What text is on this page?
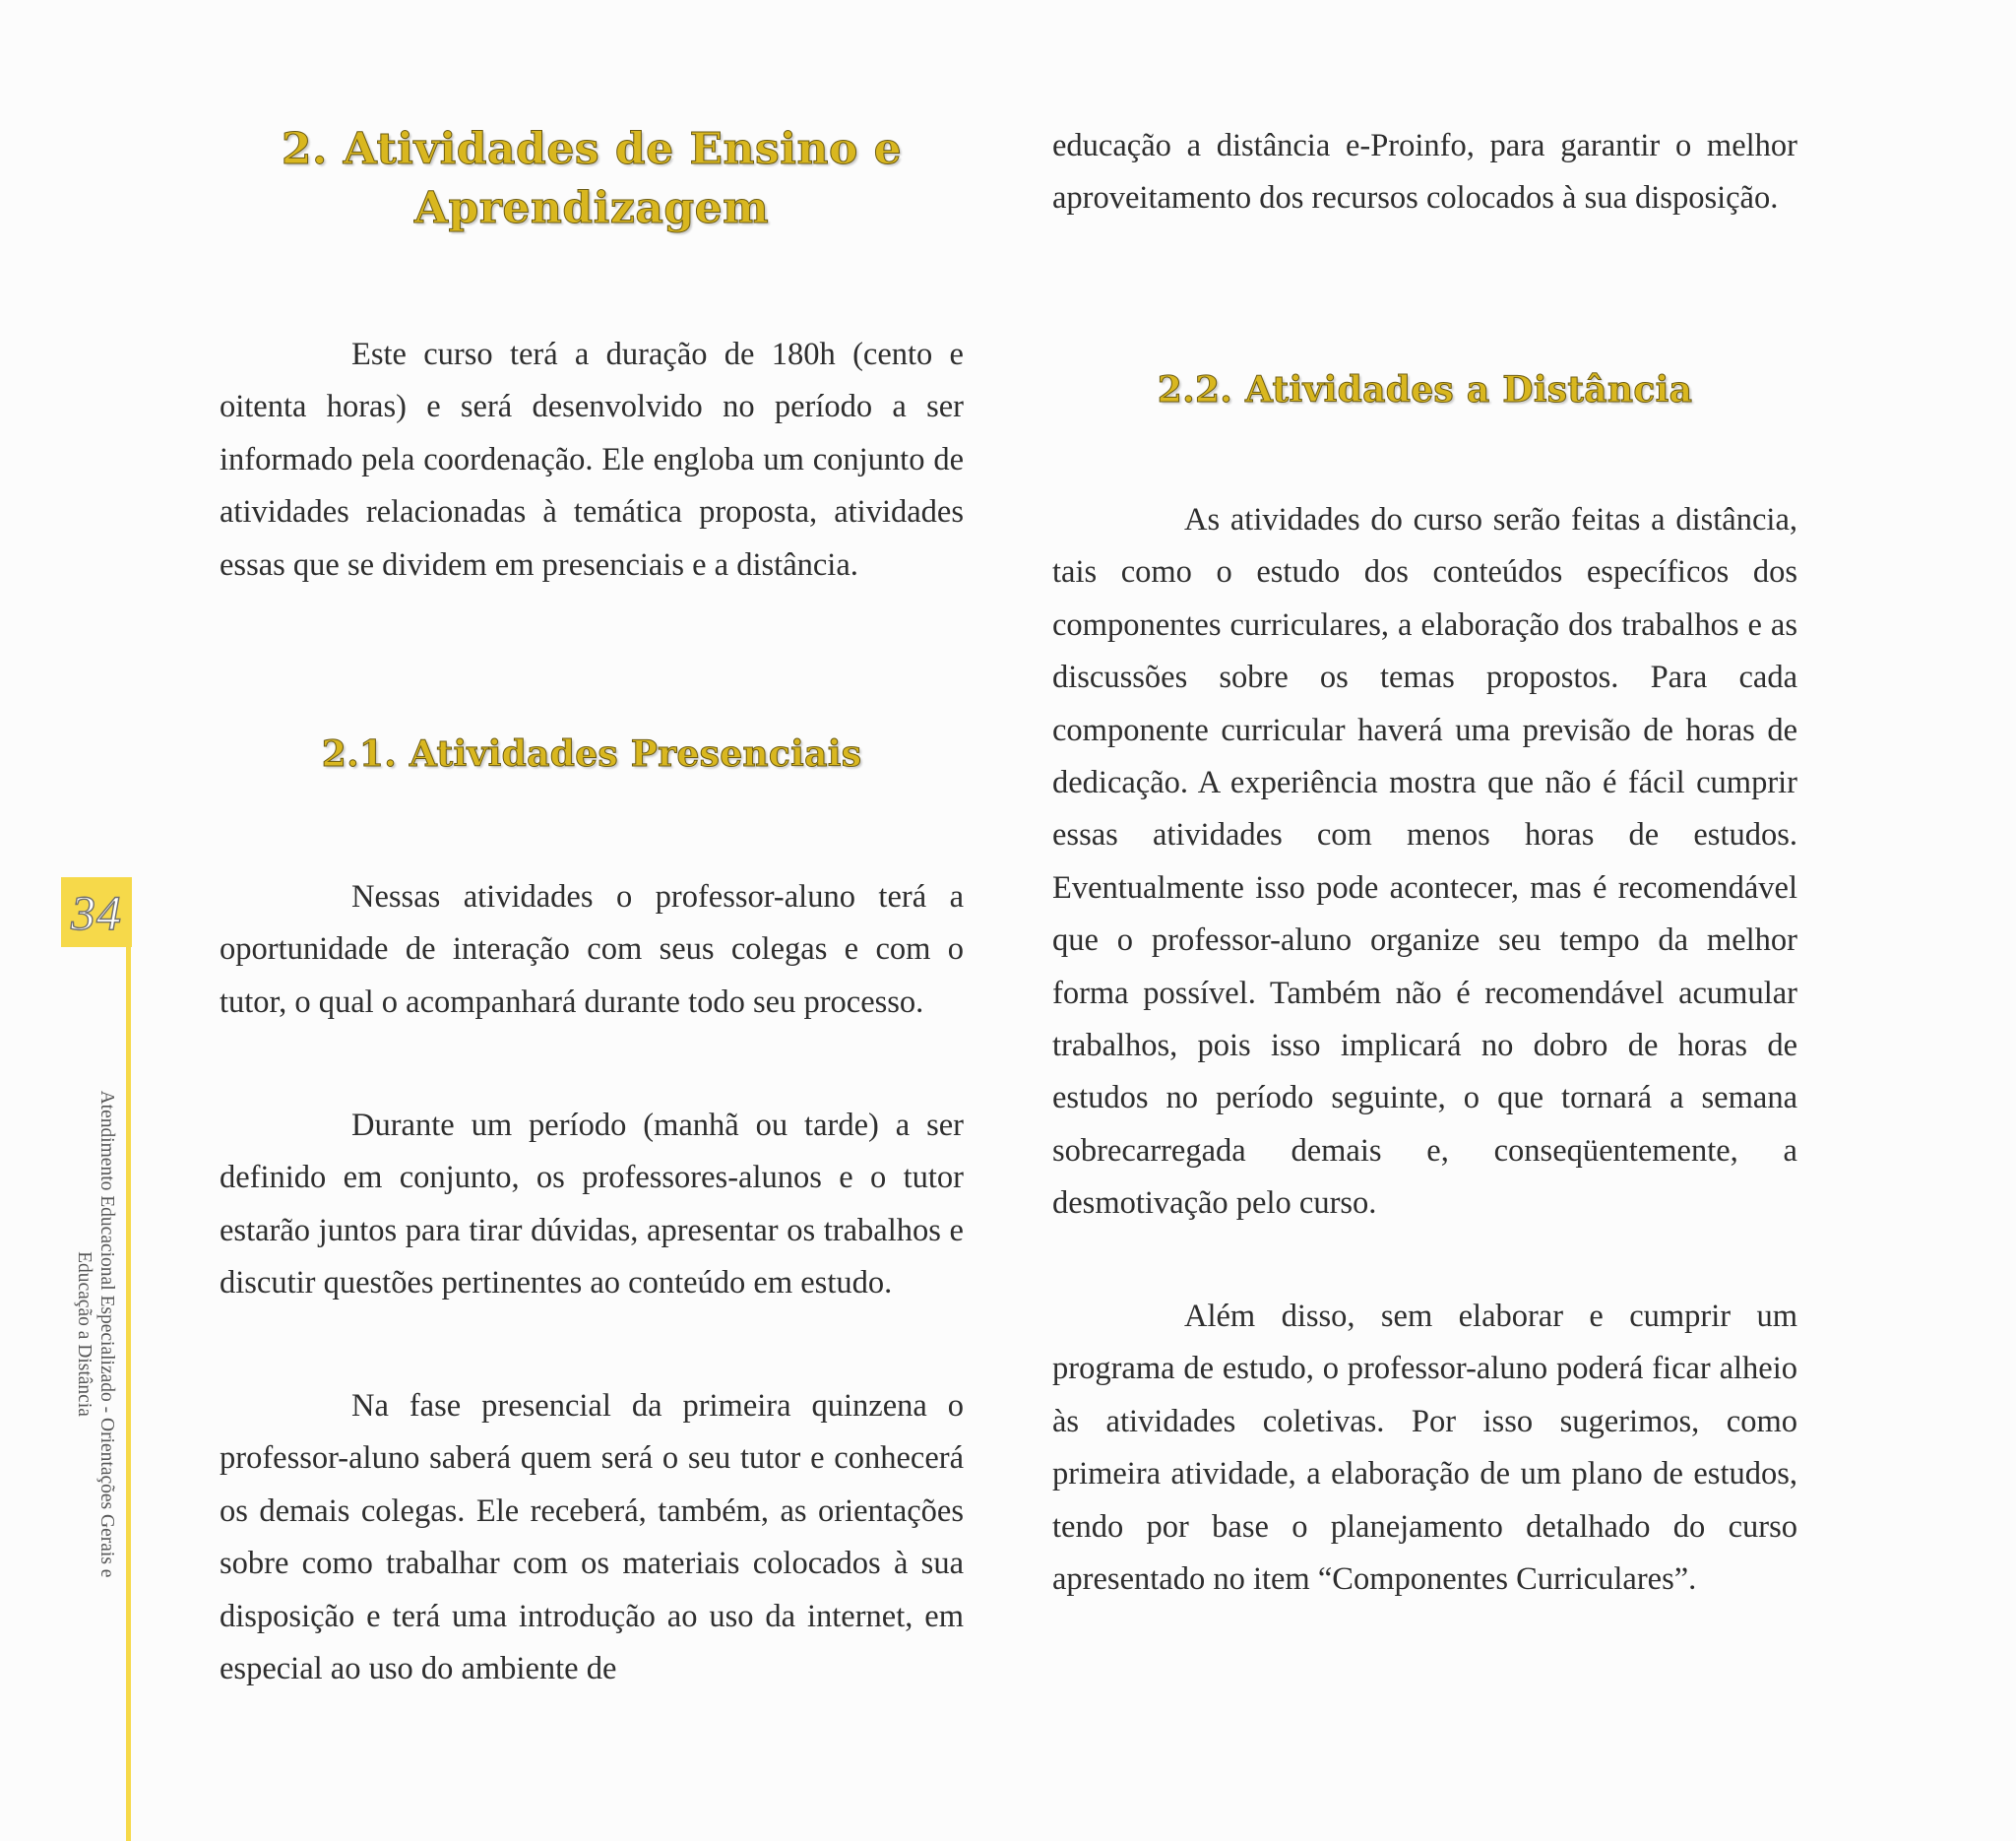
34
Atendimento Educacional Especializado - Orientações Gerais e
Educação a Distância
2. Atividades de Ensino e Aprendizagem

Este curso terá a duração de 180h (cento e oitenta horas) e será desenvolvido no período a ser informado pela coordenação. Ele engloba um conjunto de atividades relacionadas à temática proposta, atividades essas que se dividem em presenciais e a distância.

2.1. Atividades Presenciais

Nessas atividades o professor-aluno terá a oportunidade de interação com seus colegas e com o tutor, o qual o acompanhará durante todo seu processo.

Durante um período (manhã ou tarde) a ser definido em conjunto, os professores-alunos e o tutor estarão juntos para tirar dúvidas, apresentar os trabalhos e discutir questões pertinentes ao conteúdo em estudo.

Na fase presencial da primeira quinzena o professor-aluno saberá quem será o seu tutor e conhecerá os demais colegas. Ele receberá, também, as orientações sobre como trabalhar com os materiais colocados à sua disposição e terá uma introdução ao uso da internet, em especial ao uso do ambiente de

educação a distância e-Proinfo, para garantir o melhor aproveitamento dos recursos colocados à sua disposição.

2.2. Atividades a Distância

As atividades do curso serão feitas a distância, tais como o estudo dos conteúdos específicos dos componentes curriculares, a elaboração dos trabalhos e as discussões sobre os temas propostos. Para cada componente curricular haverá uma previsão de horas de dedicação. A experiência mostra que não é fácil cumprir essas atividades com menos horas de estudos. Eventualmente isso pode acontecer, mas é recomendável que o professor-aluno organize seu tempo da melhor forma possível. Também não é recomendável acumular trabalhos, pois isso implicará no dobro de horas de estudos no período seguinte, o que tornará a semana sobrecarregada demais e, conseqüentemente, a desmotivação pelo curso.

Além disso, sem elaborar e cumprir um programa de estudo, o professor-aluno poderá ficar alheio às atividades coletivas. Por isso sugerimos, como primeira atividade, a elaboração de um plano de estudos, tendo por base o planejamento detalhado do curso apresentado no item “Componentes Curriculares”.
